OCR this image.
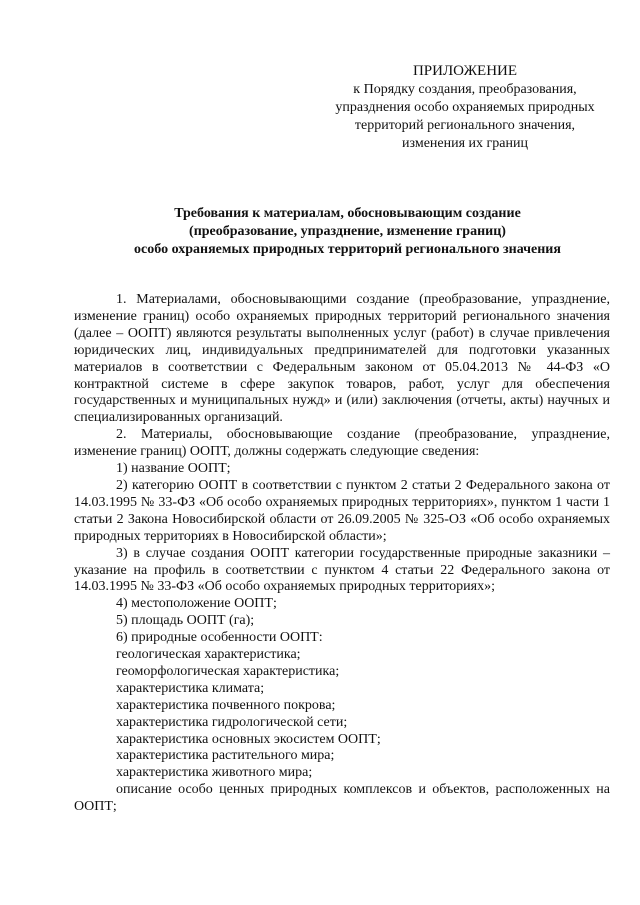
ПРИЛОЖЕНИЕ
к Порядку создания, преобразования,
упразднения особо охраняемых природных
территорий регионального значения,
изменения их границ
Требования к материалам, обосновывающим создание
(преобразование, упразднение, изменение границ)
особо охраняемых природных территорий регионального значения

1. Материалами, обосновывающими создание (преобразование, упразднение, изменение границ) особо охраняемых природных территорий регионального значения (далее – ООПТ) являются результаты выполненных услуг (работ) в случае привлечения юридических лиц, индивидуальных предпринимателей для подготовки указанных материалов в соответствии с Федеральным законом от 05.04.2013 № 44-ФЗ «О контрактной системе в сфере закупок товаров, работ, услуг для обеспечения государственных и муниципальных нужд» и (или) заключения (отчеты, акты) научных и специализированных организаций.

2. Материалы, обосновывающие создание (преобразование, упразднение, изменение границ) ООПТ, должны содержать следующие сведения:

1) название ООПТ;

2) категорию ООПТ в соответствии с пунктом 2 статьи 2 Федерального закона от 14.03.1995 № 33-ФЗ «Об особо охраняемых природных территориях», пунктом 1 части 1 статьи 2 Закона Новосибирской области от 26.09.2005 № 325-ОЗ «Об особо охраняемых природных территориях в Новосибирской области»;

3) в случае создания ООПТ категории государственные природные заказники – указание на профиль в соответствии с пунктом 4 статьи 22 Федерального закона от 14.03.1995 № 33-ФЗ «Об особо охраняемых природных территориях»;

4) местоположение ООПТ;

5) площадь ООПТ (га);

6) природные особенности ООПТ:

геологическая характеристика;

геоморфологическая характеристика;

характеристика климата;

характеристика почвенного покрова;

характеристика гидрологической сети;

характеристика основных экосистем ООПТ;

характеристика растительного мира;

характеристика животного мира;

описание особо ценных природных комплексов и объектов, расположенных на ООПТ;
